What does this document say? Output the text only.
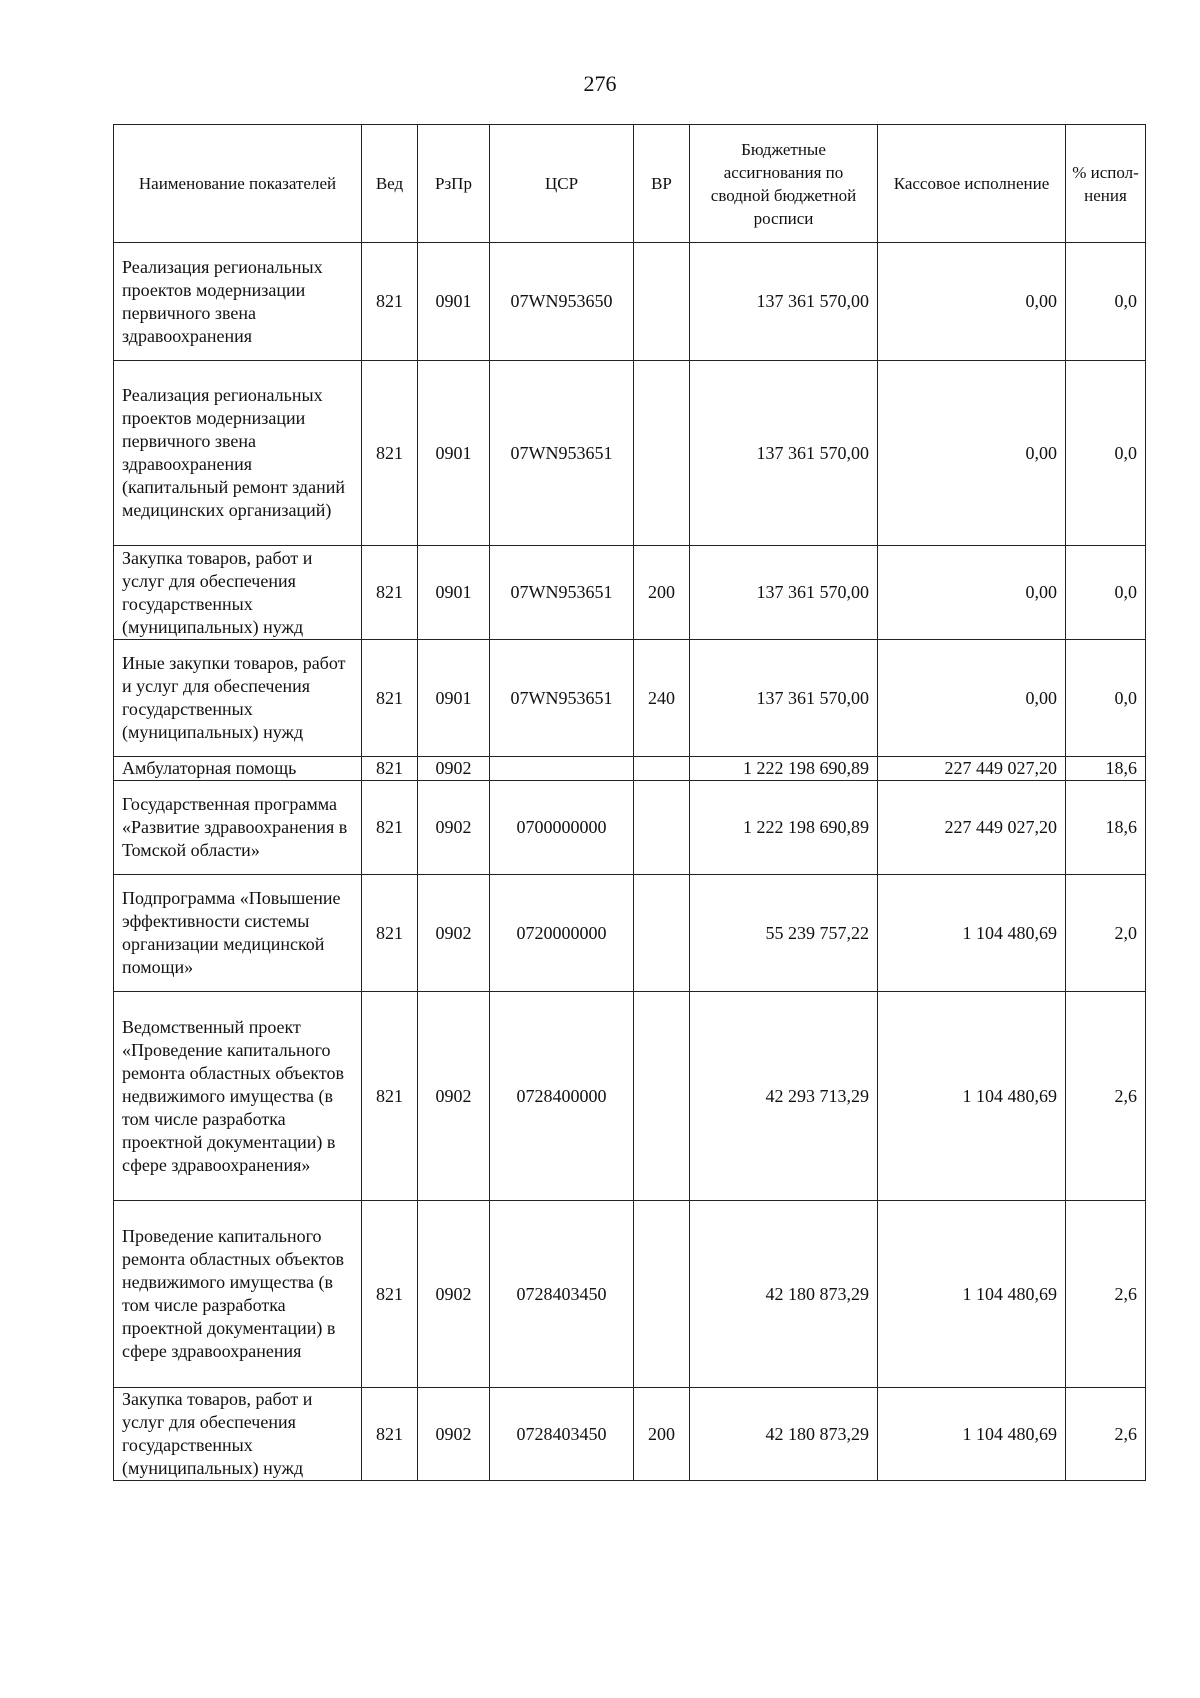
276
Наименование показателей	Вед	РзПр	ЦСР	ВР	Бюджетные ассигнования по сводной бюджетной росписи	Кассовое исполнение	% испол-нения
Реализация региональных проектов модернизации первичного звена здравоохранения	821	0901	07WN953650		137 361 570,00	0,00	0,0
Реализация региональных проектов модернизации первичного звена здравоохранения (капитальный ремонт зданий медицинских организаций)	821	0901	07WN953651		137 361 570,00	0,00	0,0
Закупка товаров, работ и услуг для обеспечения государственных (муниципальных) нужд	821	0901	07WN953651	200	137 361 570,00	0,00	0,0
Иные закупки товаров, работ и услуг для обеспечения государственных (муниципальных) нужд	821	0901	07WN953651	240	137 361 570,00	0,00	0,0
Амбулаторная помощь	821	0902			1 222 198 690,89	227 449 027,20	18,6
Государственная программа «Развитие здравоохранения в Томской области»	821	0902	0700000000		1 222 198 690,89	227 449 027,20	18,6
Подпрограмма «Повышение эффективности системы организации медицинской помощи»	821	0902	0720000000		55 239 757,22	1 104 480,69	2,0
Ведомственный проект «Проведение капитального ремонта областных объектов недвижимого имущества (в том числе разработка проектной документации) в сфере здравоохранения»	821	0902	0728400000		42 293 713,29	1 104 480,69	2,6
Проведение капитального ремонта областных объектов недвижимого имущества (в том числе разработка проектной документации) в сфере здравоохранения	821	0902	0728403450		42 180 873,29	1 104 480,69	2,6
Закупка товаров, работ и услуг для обеспечения государственных (муниципальных) нужд	821	0902	0728403450	200	42 180 873,29	1 104 480,69	2,6
